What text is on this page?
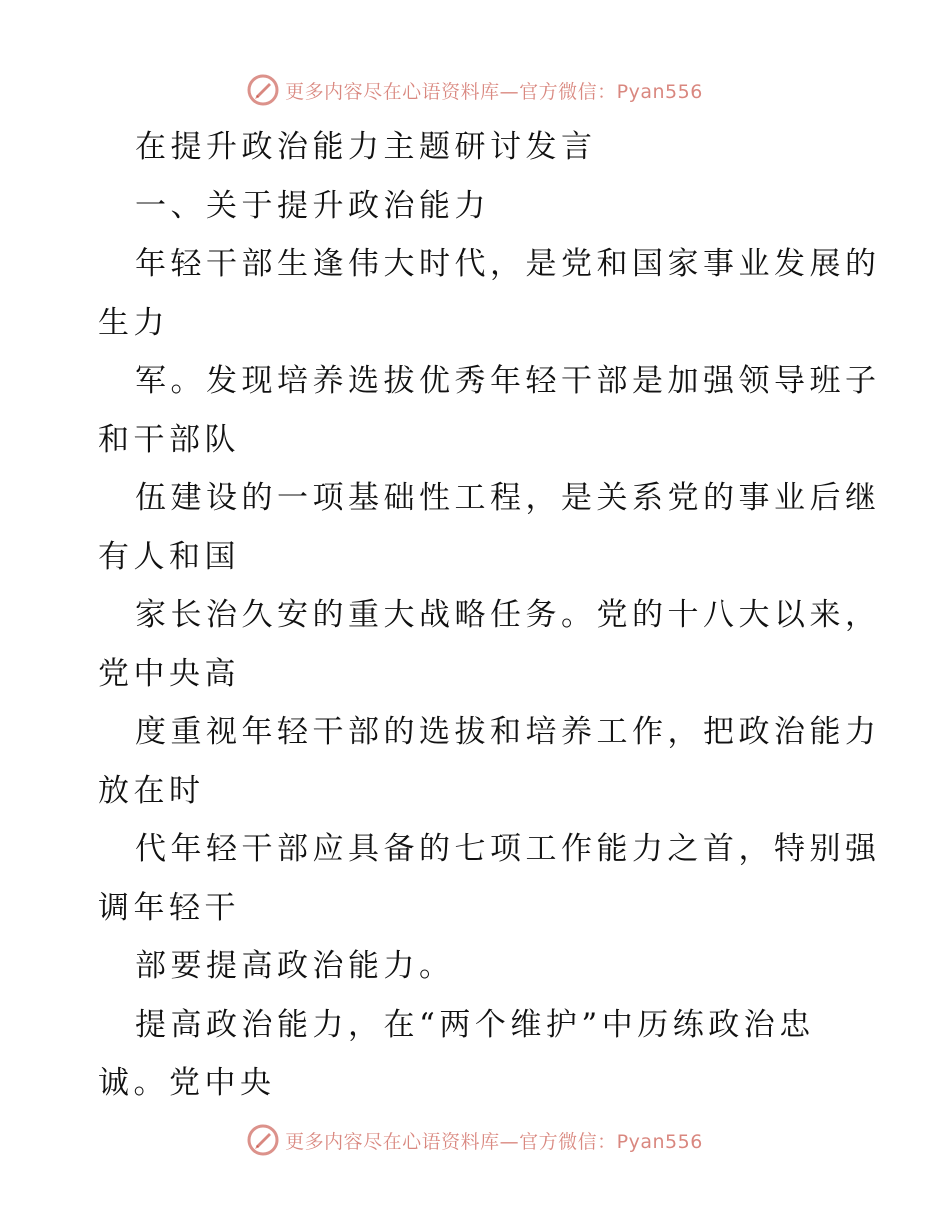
更多内容尽在心语资料库—官方微信：Pyan556
在提升政治能力主题研讨发言
一、关于提升政治能力
年轻干部生逢伟大时代，是党和国家事业发展的
生力
军。发现培养选拔优秀年轻干部是加强领导班子
和干部队
伍建设的一项基础性工程，是关系党的事业后继
有人和国
家长治久安的重大战略任务。党的十八大以来，
党中央高
度重视年轻干部的选拔和培养工作，把政治能力
放在时
代年轻干部应具备的七项工作能力之首，特别强
调年轻干
部要提高政治能力。
提高政治能力，在“两个维护”中历练政治忠
诚。党中央
更多内容尽在心语资料库—官方微信：Pyan556
